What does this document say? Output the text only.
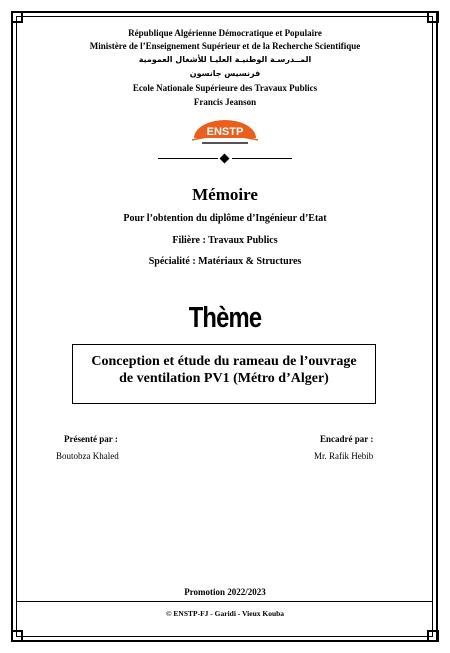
République Algérienne Démocratique et Populaire
Ministère de l’Enseignement Supérieur et de la Recherche Scientifique
المــدرسـة الوطنيـة العليـا للأشغال العمومية
فرنسيس جانسون
Ecole Nationale Supérieure des Travaux Publics
Francis Jeanson
ENSTP
Mémoire
Pour l’obtention du diplôme d’Ingénieur d’Etat
Filière : Travaux Publics
Spécialité : Matériaux & Structures
Thème
Conception et étude du rameau de l’ouvrage
de ventilation PV1 (Métro d’Alger)
Présenté par :
Boutobza Khaled
Encadré par :
Mr. Rafik Hebib
Promotion 2022/2023
© ENSTP-FJ - Garidi - Vieux Kouba
